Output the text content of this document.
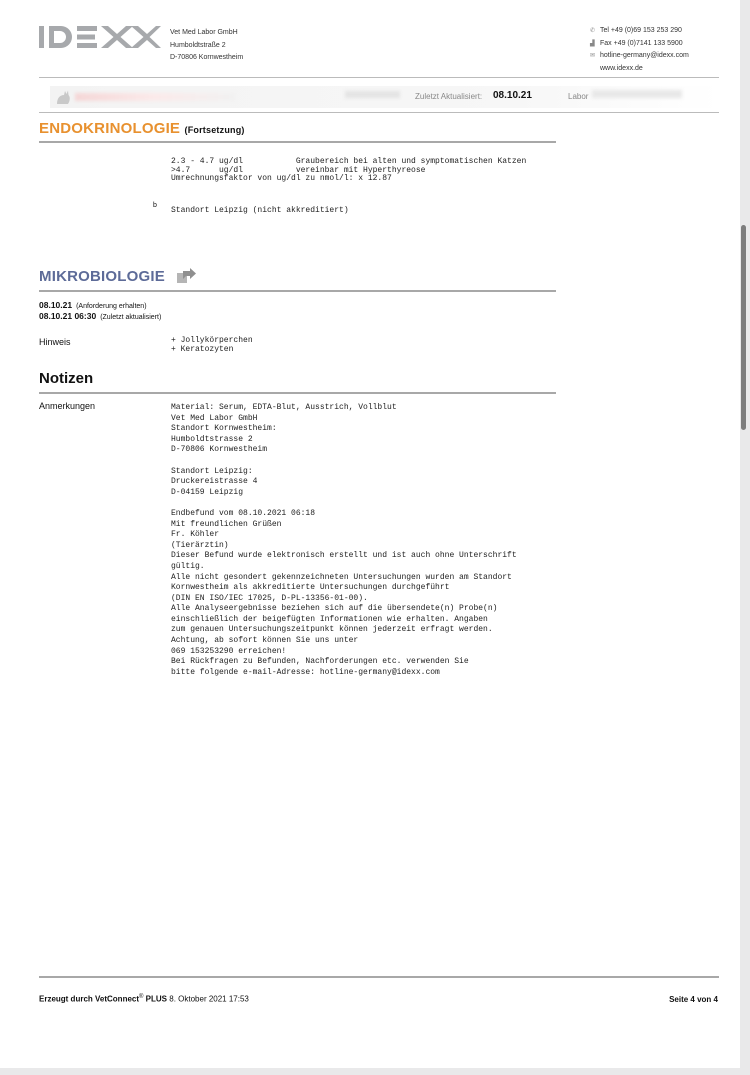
Vet Med Labor GmbH
Humboldtstraße 2
D-70806 Kornwestheim
✆ Tel +49 (0)69 153 253 290
▟ Fax +49 (0)7141 133 5900
✉ hotline-germany@idexx.com
www.idexx.de
Zuletzt Aktualisiert: 08.10.21	Labor
ENDOKRINOLOGIE (Fortsetzung)
2.3 - 4.7 ug/dl           Graubereich bei alten und symptomatischen Katzen
>4.7      ug/dl           vereinbar mit Hyperthyreose
Umrechnungsfaktor von ug/dl zu nmol/l: x 12.87
b
Standort Leipzig (nicht akkreditiert)
MIKROBIOLOGIE
08.10.21 (Anforderung erhalten)
08.10.21 06:30 (Zuletzt aktualisiert)
Hinweis	+ Jollykörperchen
+ Keratozyten
Notizen
Anmerkungen	Material: Serum, EDTA-Blut, Ausstrich, Vollblut
Vet Med Labor GmbH
Standort Kornwestheim:
Humboldtstrasse 2
D-70806 Kornwestheim

Standort Leipzig:
Druckereistrasse 4
D-04159 Leipzig

Endbefund vom 08.10.2021 06:18
Mit freundlichen Grüßen
Fr. Köhler
(Tierärztin)
Dieser Befund wurde elektronisch erstellt und ist auch ohne Unterschrift
gültig.
Alle nicht gesondert gekennzeichneten Untersuchungen wurden am Standort
Kornwestheim als akkreditierte Untersuchungen durchgeführt
(DIN EN ISO/IEC 17025, D-PL-13356-01-00).
Alle Analyseergebnisse beziehen sich auf die übersendete(n) Probe(n)
einschließlich der beigefügten Informationen wie erhalten. Angaben
zum genauen Untersuchungszeitpunkt können jederzeit erfragt werden.
Achtung, ab sofort können Sie uns unter
069 153253290 erreichen!
Bei Rückfragen zu Befunden, Nachforderungen etc. verwenden Sie
bitte folgende e-mail-Adresse: hotline-germany@idexx.com
Erzeugt durch VetConnect® PLUS 8. Oktober 2021 17:53	Seite 4 von 4
